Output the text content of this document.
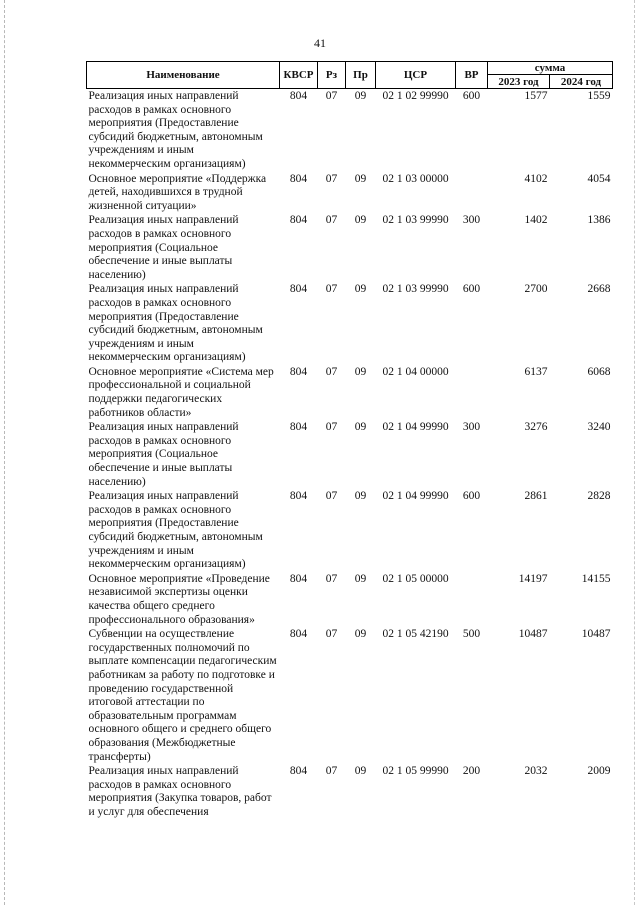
41
Наименование	КВСР	Рз	Пр	ЦСР	ВР	сумма	
						2023 год	2024 год
Реализация иных направлений расходов в рамках основного мероприятия (Предоставление субсидий бюджетным, автономным учреждениям и иным некоммерческим организациям)	804	07	09	02 1 02 99990	600	1577	1559
Основное мероприятие «Поддержка детей, находившихся в трудной жизненной ситуации»	804	07	09	02 1 03 00000		4102	4054
Реализация иных направлений расходов в рамках основного мероприятия (Социальное обеспечение и иные выплаты населению)	804	07	09	02 1 03 99990	300	1402	1386
Реализация иных направлений расходов в рамках основного мероприятия (Предоставление субсидий бюджетным, автономным учреждениям и иным некоммерческим организациям)	804	07	09	02 1 03 99990	600	2700	2668
Основное мероприятие «Система мер профессиональной и социальной поддержки педагогических работников области»	804	07	09	02 1 04 00000		6137	6068
Реализация иных направлений расходов в рамках основного мероприятия (Социальное обеспечение и иные выплаты населению)	804	07	09	02 1 04 99990	300	3276	3240
Реализация иных направлений расходов в рамках основного мероприятия (Предоставление субсидий бюджетным, автономным учреждениям и иным некоммерческим организациям)	804	07	09	02 1 04 99990	600	2861	2828
Основное мероприятие «Проведение независимой экспертизы оценки качества общего среднего профессионального образования»	804	07	09	02 1 05 00000		14197	14155
Субвенции на осуществление государственных полномочий по выплате компенсации педагогическим работникам за работу по подготовке и проведению государственной итоговой аттестации по образовательным программам основного общего и среднего общего образования (Межбюджетные трансферты)	804	07	09	02 1 05 42190	500	10487	10487
Реализация иных направлений расходов в рамках основного мероприятия (Закупка товаров, работ и услуг для обеспечения	804	07	09	02 1 05 99990	200	2032	2009
